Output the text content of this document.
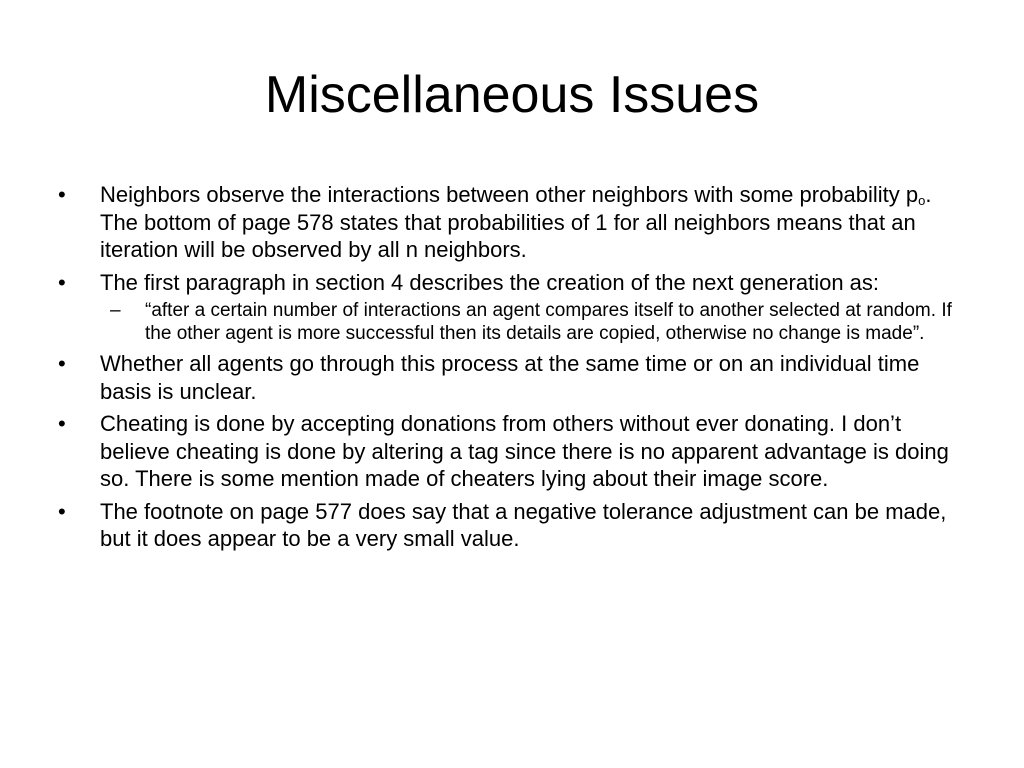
Miscellaneous Issues
• Neighbors observe the interactions between other neighbors with some probability $p_o$. The bottom of page 578 states that probabilities of 1 for all neighbors means that an iteration will be observed by all n neighbors.
• The first paragraph in section 4 describes the creation of the next generation as:
– “after a certain number of interactions an agent compares itself to another selected at random. If the other agent is more successful then its details are copied, otherwise no change is made”.
• Whether all agents go through this process at the same time or on an individual time basis is unclear.
• Cheating is done by accepting donations from others without ever donating. I don’t believe cheating is done by altering a tag since there is no apparent advantage is doing so. There is some mention made of cheaters lying about their image score.
• The footnote on page 577 does say that a negative tolerance adjustment can be made, but it does appear to be a very small value.
